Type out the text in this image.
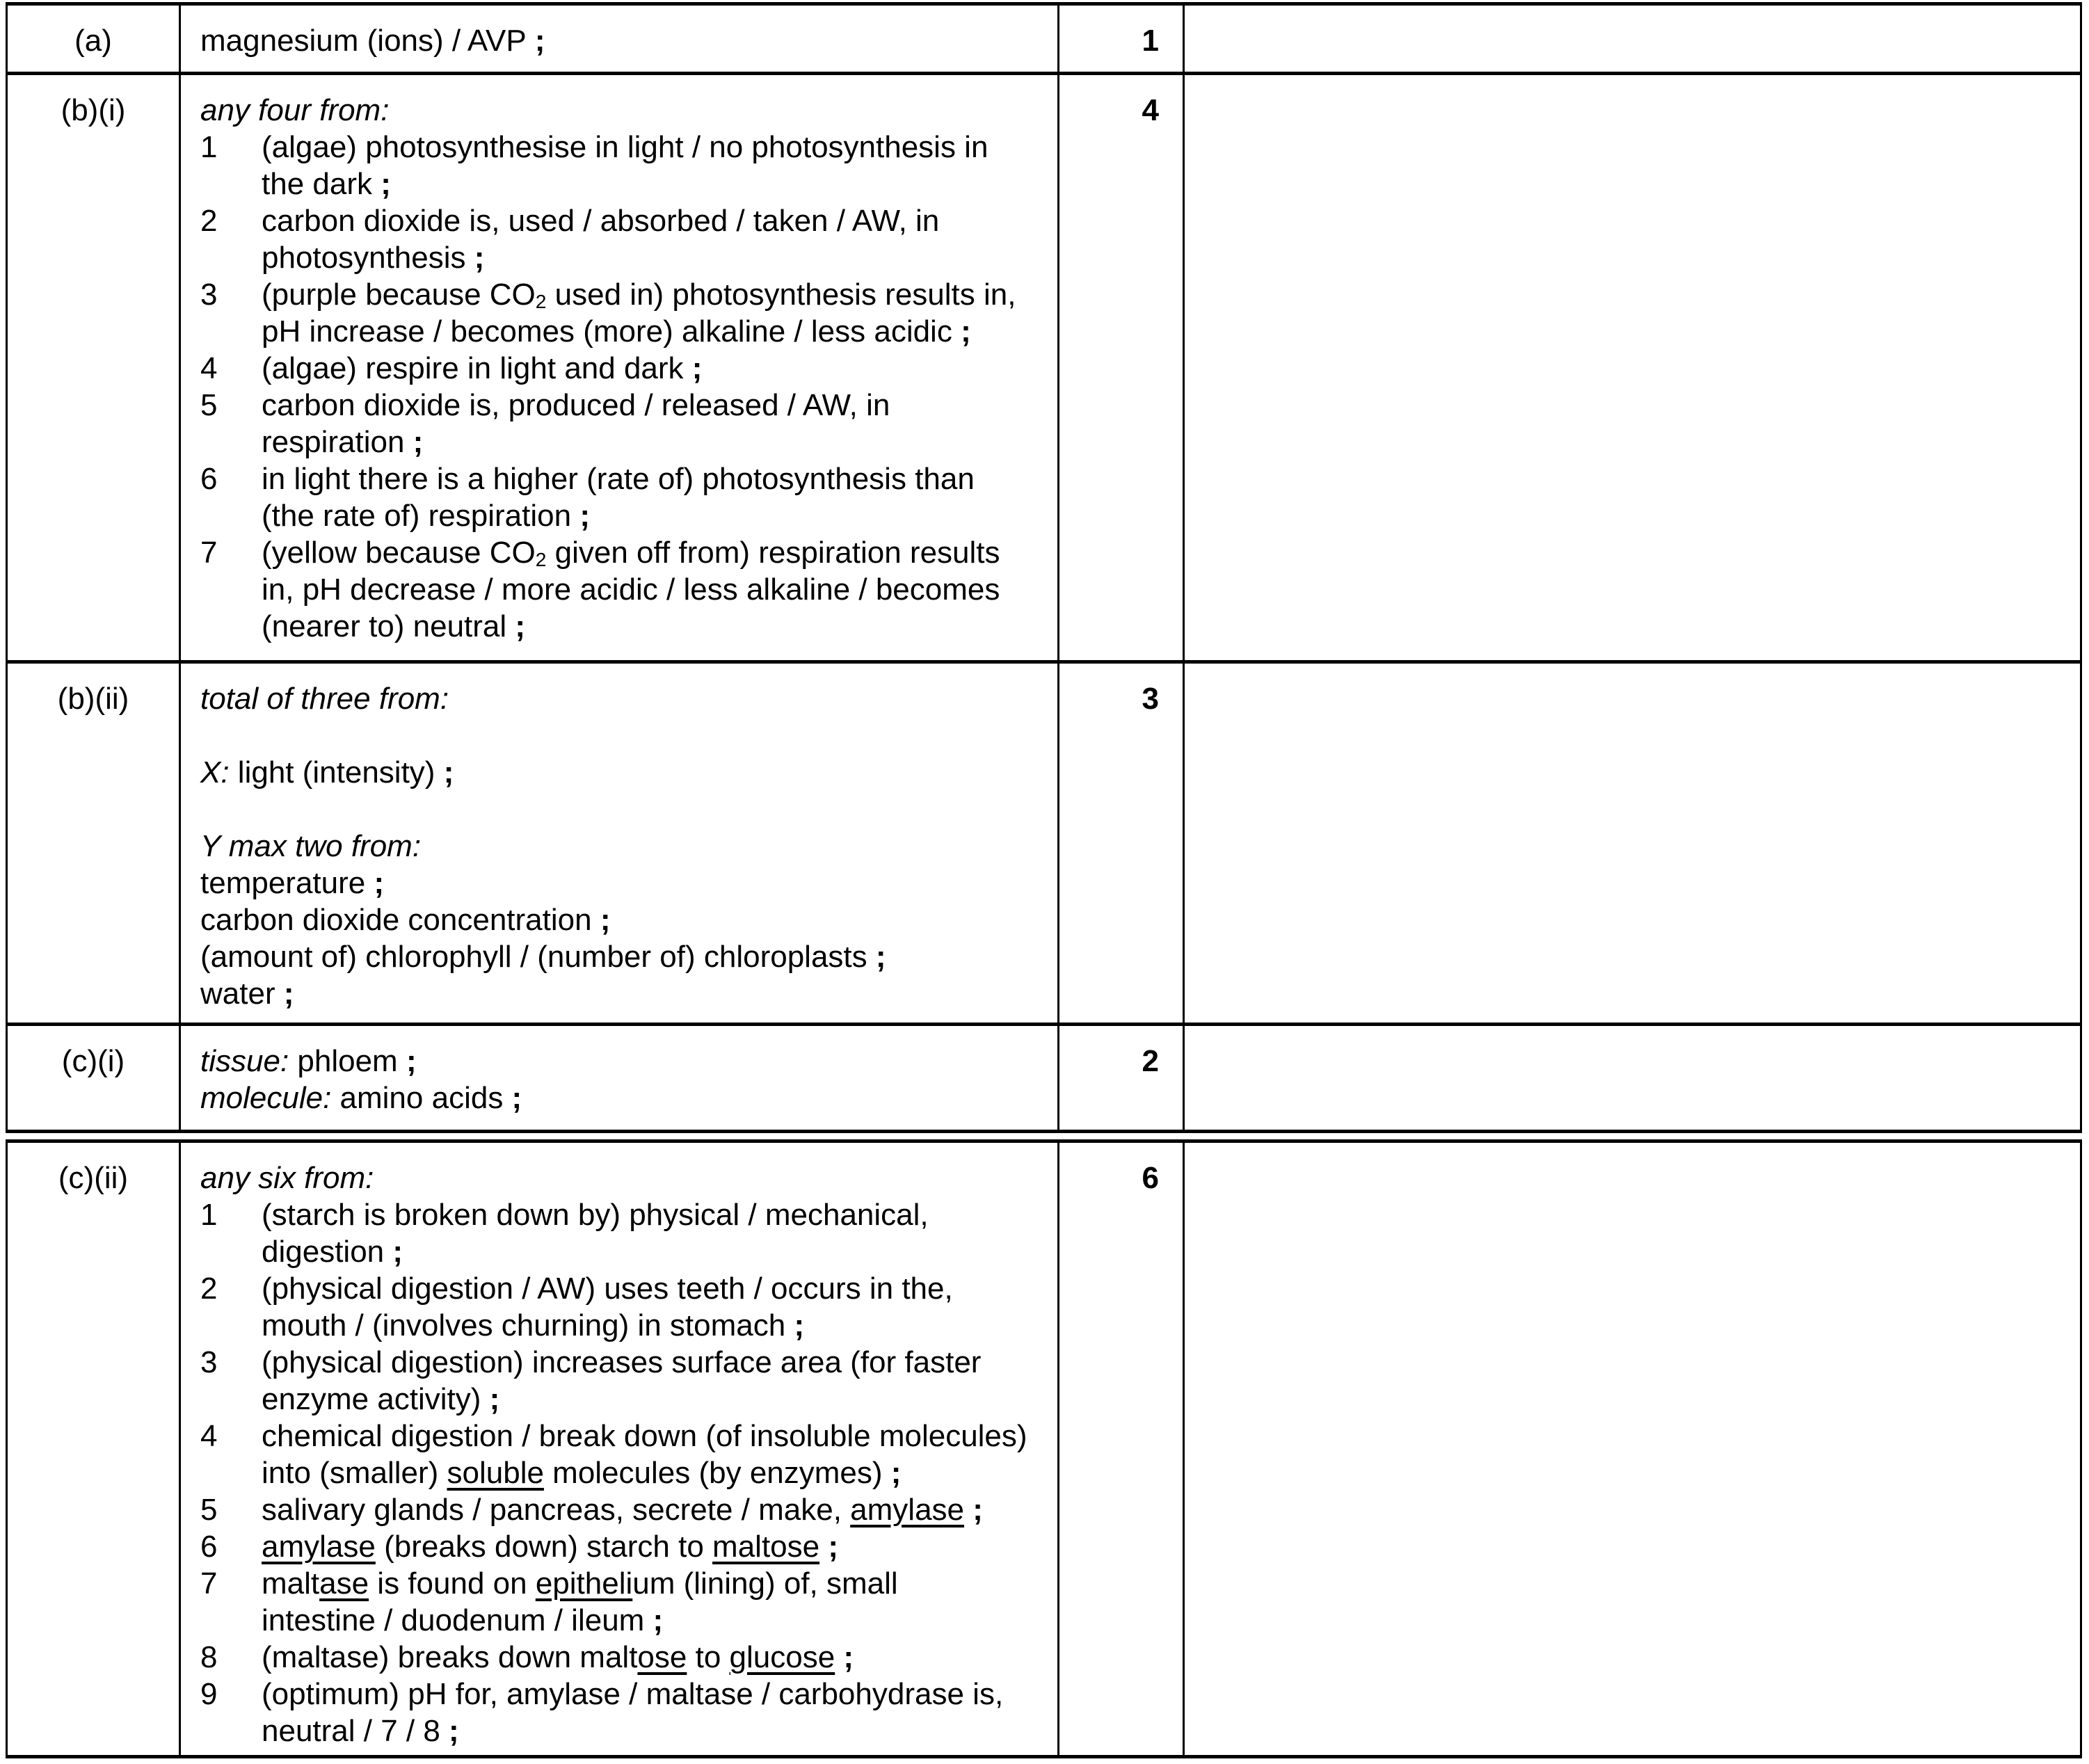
(a)	magnesium (ions) / AVP ;	1
(b)(i)	any four from:
1	(algae) photosynthesise in light / no photosynthesis in
the dark ;
2	carbon dioxide is, used / absorbed / taken / AW, in
photosynthesis ;
3	(purple because CO2 used in) photosynthesis results in,
pH increase / becomes (more) alkaline / less acidic ;
4	(algae) respire in light and dark ;
5	carbon dioxide is, produced / released / AW, in
respiration ;
6	in light there is a higher (rate of) photosynthesis than
(the rate of) respiration ;
7	(yellow because CO2 given off from) respiration results
in, pH decrease / more acidic / less alkaline / becomes
(nearer to) neutral ;
4
(b)(ii)	total of three from:
X: light (intensity) ;
Y max two from:
temperature ;
carbon dioxide concentration ;
(amount of) chlorophyll / (number of) chloroplasts ;
water ;
3
(c)(i)	tissue: phloem ;
molecule: amino acids ;
2
(c)(ii)	any six from:
1	(starch is broken down by) physical / mechanical,
digestion ;
2	(physical digestion / AW) uses teeth / occurs in the,
mouth / (involves churning) in stomach ;
3	(physical digestion) increases surface area (for faster
enzyme activity) ;
4	chemical digestion / break down (of insoluble molecules)
into (smaller) soluble molecules (by enzymes) ;
5	salivary glands / pancreas, secrete / make, amylase ;
6	amylase (breaks down) starch to maltose ;
7	maltase is found on epithelium (lining) of, small
intestine / duodenum / ileum ;
8	(maltase) breaks down maltose to glucose ;
9	(optimum) pH for, amylase / maltase / carbohydrase is,
neutral / 7 / 8 ;
6
